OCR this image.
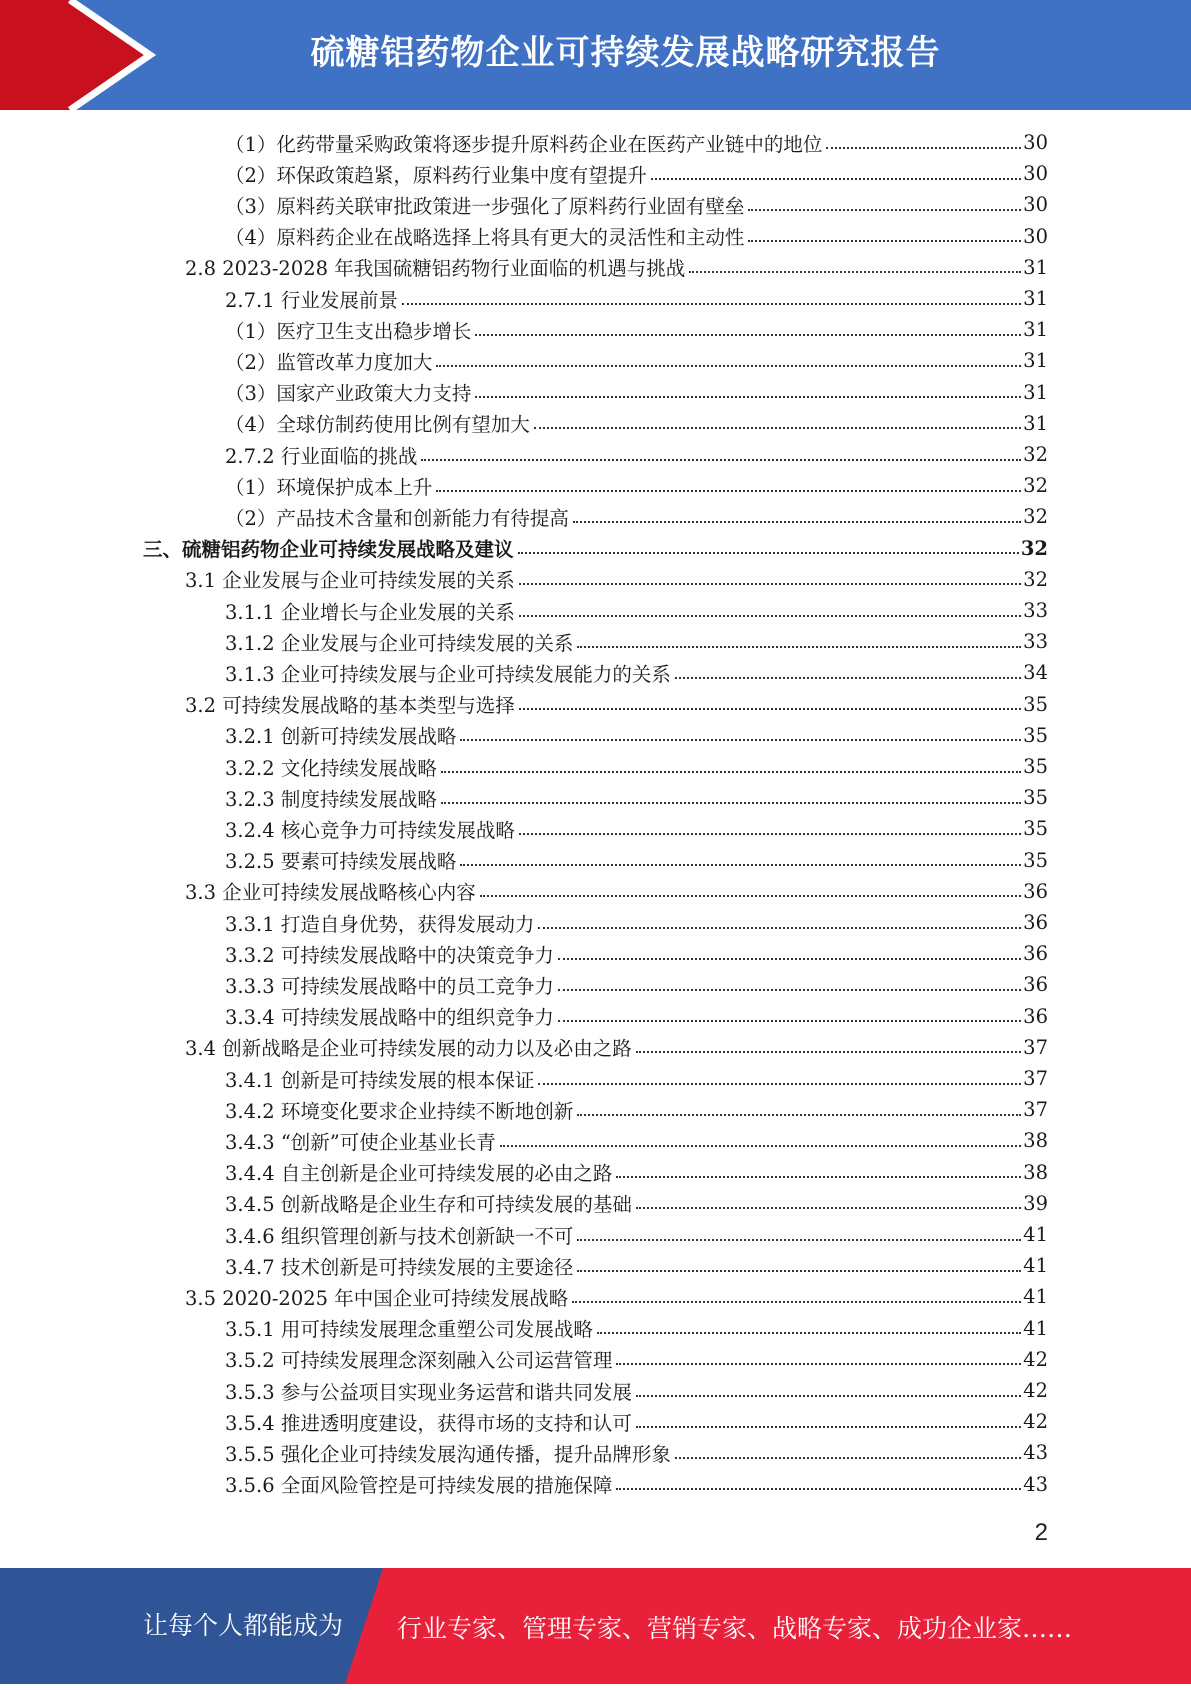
硫糖铝药物企业可持续发展战略研究报告
（1）化药带量采购政策将逐步提升原料药企业在医药产业链中的地位	30
（2）环保政策趋紧，原料药行业集中度有望提升	30
（3）原料药关联审批政策进一步强化了原料药行业固有壁垒	30
（4）原料药企业在战略选择上将具有更大的灵活性和主动性	30
2.8 2023-2028 年我国硫糖铝药物行业面临的机遇与挑战	31
2.7.1 行业发展前景	31
（1）医疗卫生支出稳步增长	31
（2）监管改革力度加大	31
（3）国家产业政策大力支持	31
（4）全球仿制药使用比例有望加大	31
2.7.2 行业面临的挑战	32
（1）环境保护成本上升	32
（2）产品技术含量和创新能力有待提高	32
三、硫糖铝药物企业可持续发展战略及建议	32
3.1 企业发展与企业可持续发展的关系	32
3.1.1 企业增长与企业发展的关系	33
3.1.2 企业发展与企业可持续发展的关系	33
3.1.3 企业可持续发展与企业可持续发展能力的关系	34
3.2 可持续发展战略的基本类型与选择	35
3.2.1 创新可持续发展战略	35
3.2.2 文化持续发展战略	35
3.2.3 制度持续发展战略	35
3.2.4 核心竞争力可持续发展战略	35
3.2.5 要素可持续发展战略	35
3.3 企业可持续发展战略核心内容	36
3.3.1 打造自身优势，获得发展动力	36
3.3.2 可持续发展战略中的决策竞争力	36
3.3.3 可持续发展战略中的员工竞争力	36
3.3.4 可持续发展战略中的组织竞争力	36
3.4 创新战略是企业可持续发展的动力以及必由之路	37
3.4.1 创新是可持续发展的根本保证	37
3.4.2 环境变化要求企业持续不断地创新	37
3.4.3 “创新”可使企业基业长青	38
3.4.4 自主创新是企业可持续发展的必由之路	38
3.4.5 创新战略是企业生存和可持续发展的基础	39
3.4.6 组织管理创新与技术创新缺一不可	41
3.4.7 技术创新是可持续发展的主要途径	41
3.5 2020-2025 年中国企业可持续发展战略	41
3.5.1 用可持续发展理念重塑公司发展战略	41
3.5.2 可持续发展理念深刻融入公司运营管理	42
3.5.3 参与公益项目实现业务运营和谐共同发展	42
3.5.4 推进透明度建设，获得市场的支持和认可	42
3.5.5 强化企业可持续发展沟通传播，提升品牌形象	43
3.5.6 全面风险管控是可持续发展的措施保障	43
2
让每个人都能成为 行业专家、管理专家、营销专家、战略专家、成功企业家……
